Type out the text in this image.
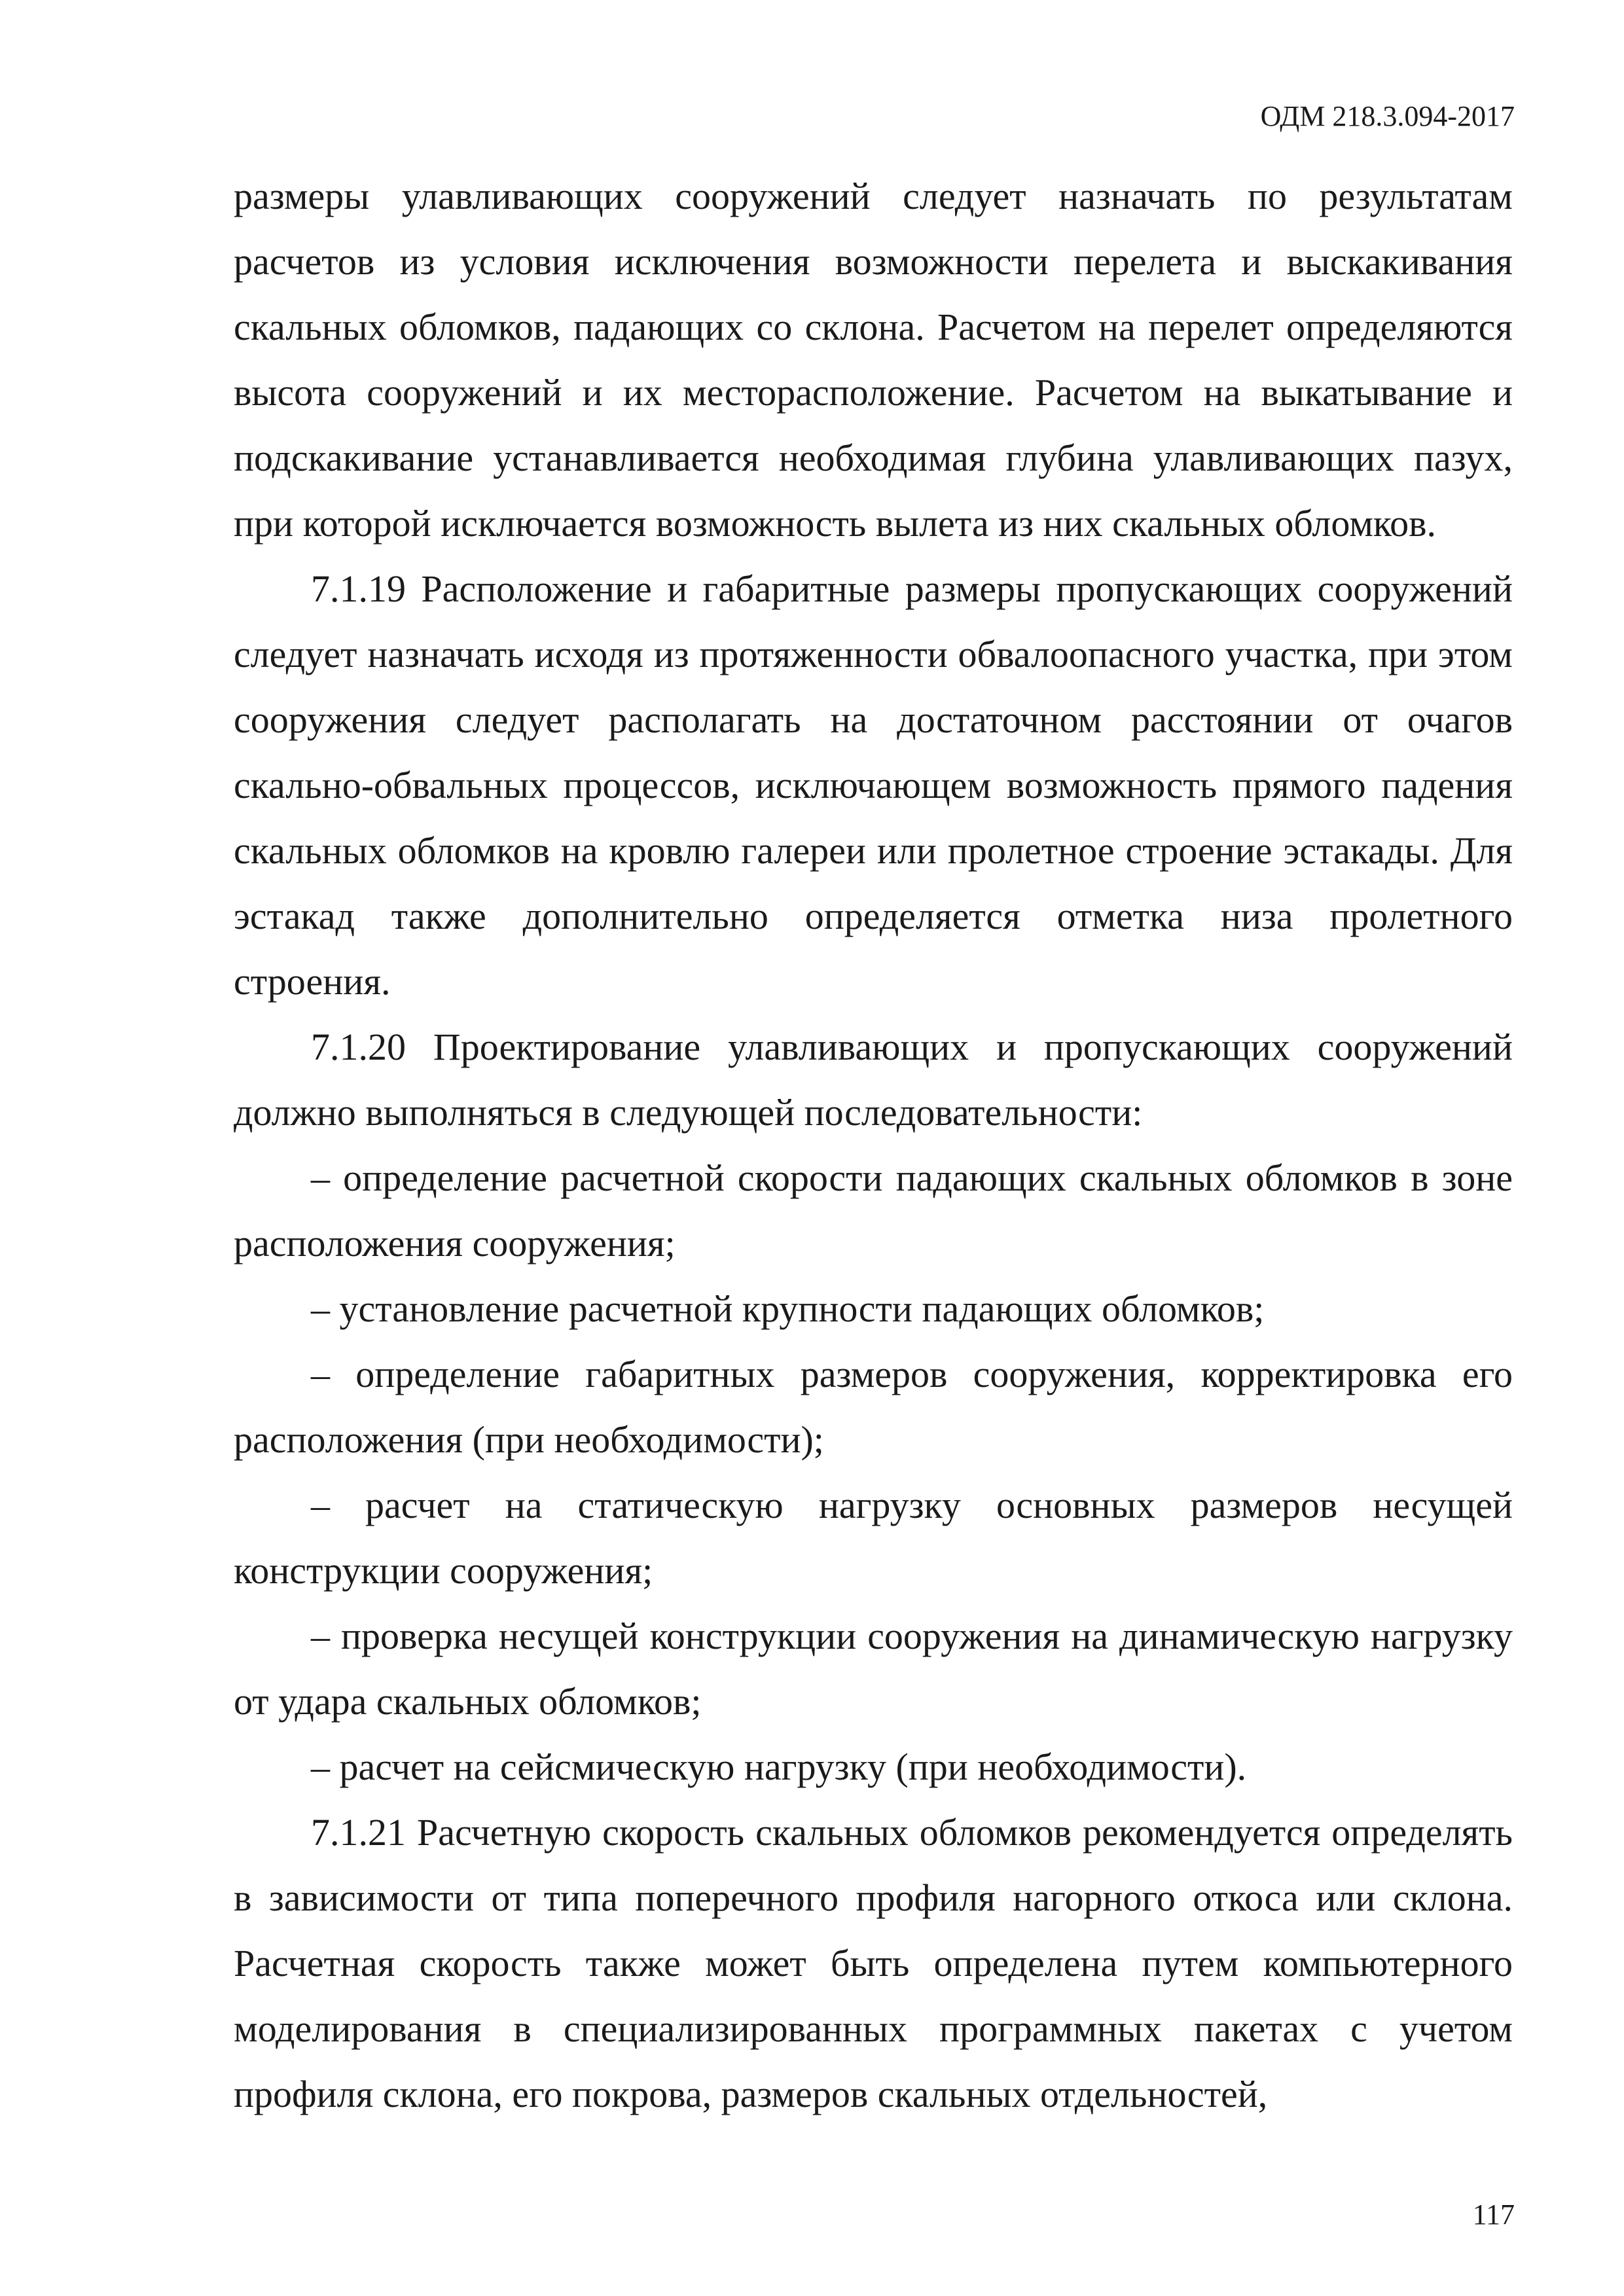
ОДМ 218.3.094-2017

размеры улавливающих сооружений следует назначать по результатам расчетов из условия исключения возможности перелета и выскакивания скальных обломков, падающих со склона. Расчетом на перелет определяются высота сооружений и их месторасположение. Расчетом на выкатывание и подскакивание устанавливается необходимая глубина улавливающих пазух, при которой исключается возможность вылета из них скальных обломков.

7.1.19 Расположение и габаритные размеры пропускающих сооружений следует назначать исходя из протяженности обвалоопасного участка, при этом сооружения следует располагать на достаточном расстоянии от очагов скально-обвальных процессов, исключающем возможность прямого падения скальных обломков на кровлю галереи или пролетное строение эстакады. Для эстакад также дополнительно определяется отметка низа пролетного строения.

7.1.20 Проектирование улавливающих и пропускающих сооружений должно выполняться в следующей последовательности:

– определение расчетной скорости падающих скальных обломков в зоне расположения сооружения;

– установление расчетной крупности падающих обломков;

– определение габаритных размеров сооружения, корректировка его расположения (при необходимости);

– расчет на статическую нагрузку основных размеров несущей конструкции сооружения;

– проверка несущей конструкции сооружения на динамическую нагрузку от удара скальных обломков;

– расчет на сейсмическую нагрузку (при необходимости).

7.1.21 Расчетную скорость скальных обломков рекомендуется определять в зависимости от типа поперечного профиля нагорного откоса или склона. Расчетная скорость также может быть определена путем компьютерного моделирования в специализированных программных пакетах с учетом профиля склона, его покрова, размеров скальных отдельностей,

117
